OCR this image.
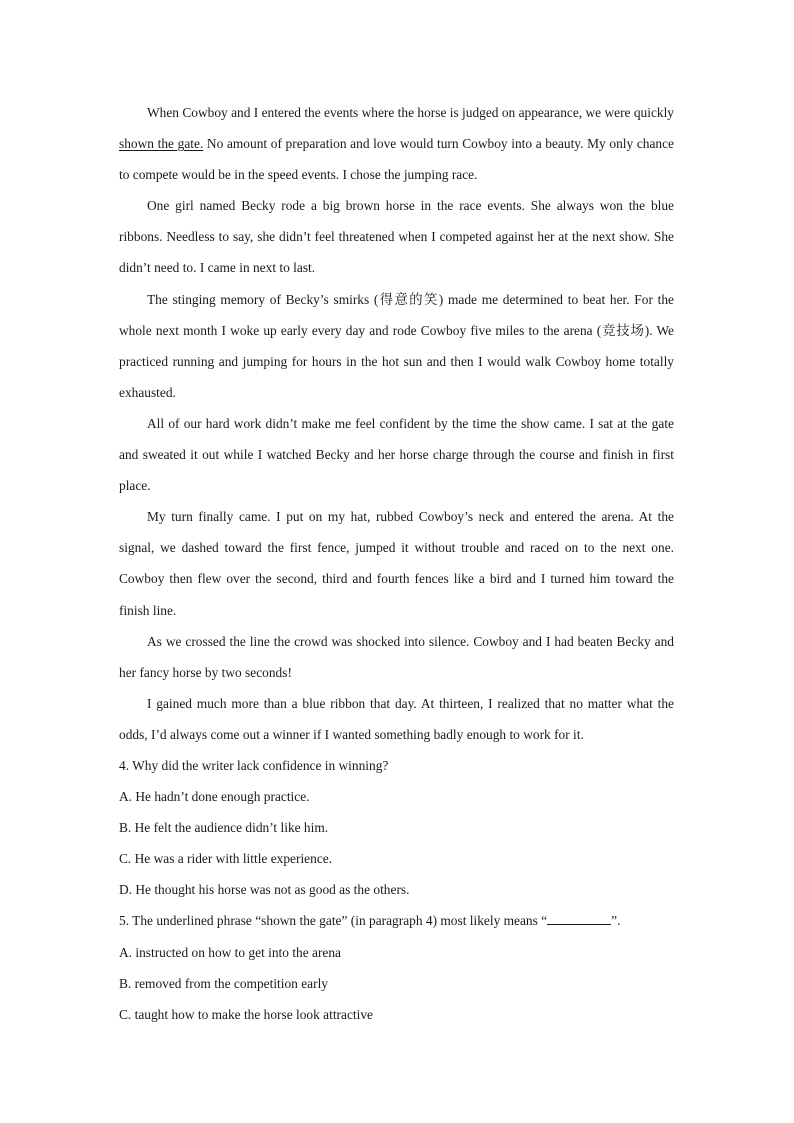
When Cowboy and I entered the events where the horse is judged on appearance, we were quickly shown the gate. No amount of preparation and love would turn Cowboy into a beauty. My only chance to compete would be in the speed events. I chose the jumping race.

One girl named Becky rode a big brown horse in the race events. She always won the blue ribbons. Needless to say, she didn’t feel threatened when I competed against her at the next show. She didn’t need to. I came in next to last.

The stinging memory of Becky’s smirks (得意的笑) made me determined to beat her. For the whole next month I woke up early every day and rode Cowboy five miles to the arena (竞技场). We practiced running and jumping for hours in the hot sun and then I would walk Cowboy home totally exhausted.

All of our hard work didn’t make me feel confident by the time the show came. I sat at the gate and sweated it out while I watched Becky and her horse charge through the course and finish in first place.

My turn finally came. I put on my hat, rubbed Cowboy’s neck and entered the arena. At the signal, we dashed toward the first fence, jumped it without trouble and raced on to the next one. Cowboy then flew over the second, third and fourth fences like a bird and I turned him toward the finish line.

As we crossed the line the crowd was shocked into silence. Cowboy and I had beaten Becky and her fancy horse by two seconds!

I gained much more than a blue ribbon that day. At thirteen, I realized that no matter what the odds, I’d always come out a winner if I wanted something badly enough to work for it.

4. Why did the writer lack confidence in winning?

A. He hadn’t done enough practice.

B. He felt the audience didn’t like him.

C. He was a rider with little experience.

D. He thought his horse was not as good as the others.

5. The underlined phrase “shown the gate” (in paragraph 4) most likely means “	”.

A. instructed on how to get into the arena

B. removed from the competition early

C. taught how to make the horse look attractive
